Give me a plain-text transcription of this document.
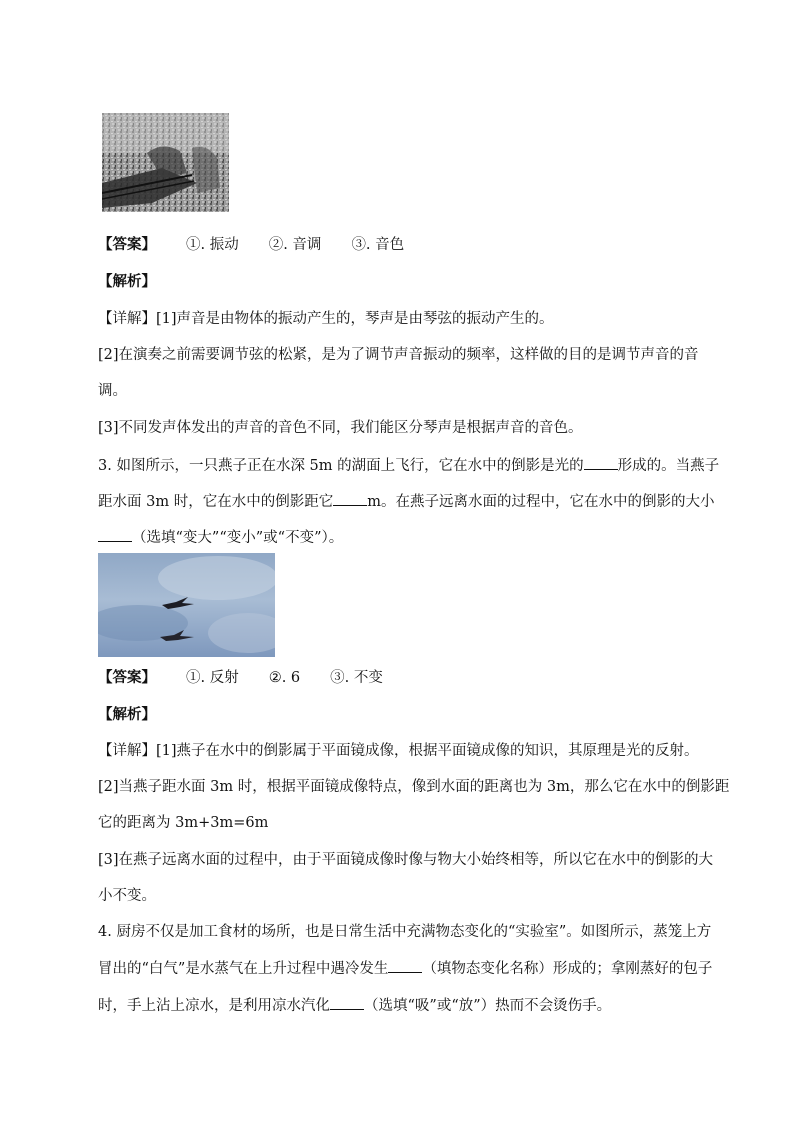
【答案】 ①. 振动 ②. 音调 ③. 音色
【解析】
【详解】[1]声音是由物体的振动产生的，琴声是由琴弦的振动产生的。
[2]在演奏之前需要调节弦的松紧，是为了调节声音振动的频率，这样做的目的是调节声音的音
调。
[3]不同发声体发出的声音的音色不同，我们能区分琴声是根据声音的音色。
3. 如图所示，一只燕子正在水深 5m 的湖面上飞行，它在水中的倒影是光的 形成的。当燕子
距水面 3m 时，它在水中的倒影距它 m。在燕子远离水面的过程中，它在水中的倒影的大小
（选填“变大”“变小”或“不变”）。
【答案】 ①. 反射 ②. 6 ③. 不变
【解析】
【详解】[1]燕子在水中的倒影属于平面镜成像，根据平面镜成像的知识，其原理是光的反射。
[2]当燕子距水面 3m 时，根据平面镜成像特点，像到水面的距离也为 3m，那么它在水中的倒影距
它的距离为 3m+3m=6m
[3]在燕子远离水面的过程中，由于平面镜成像时像与物大小始终相等，所以它在水中的倒影的大
小不变。
4. 厨房不仅是加工食材的场所，也是日常生活中充满物态变化的“实验室”。如图所示，蒸笼上方
冒出的“白气”是水蒸气在上升过程中遇冷发生 （填物态变化名称）形成的；拿刚蒸好的包子
时，手上沾上凉水，是利用凉水汽化 （选填“吸”或“放”）热而不会烫伤手。
